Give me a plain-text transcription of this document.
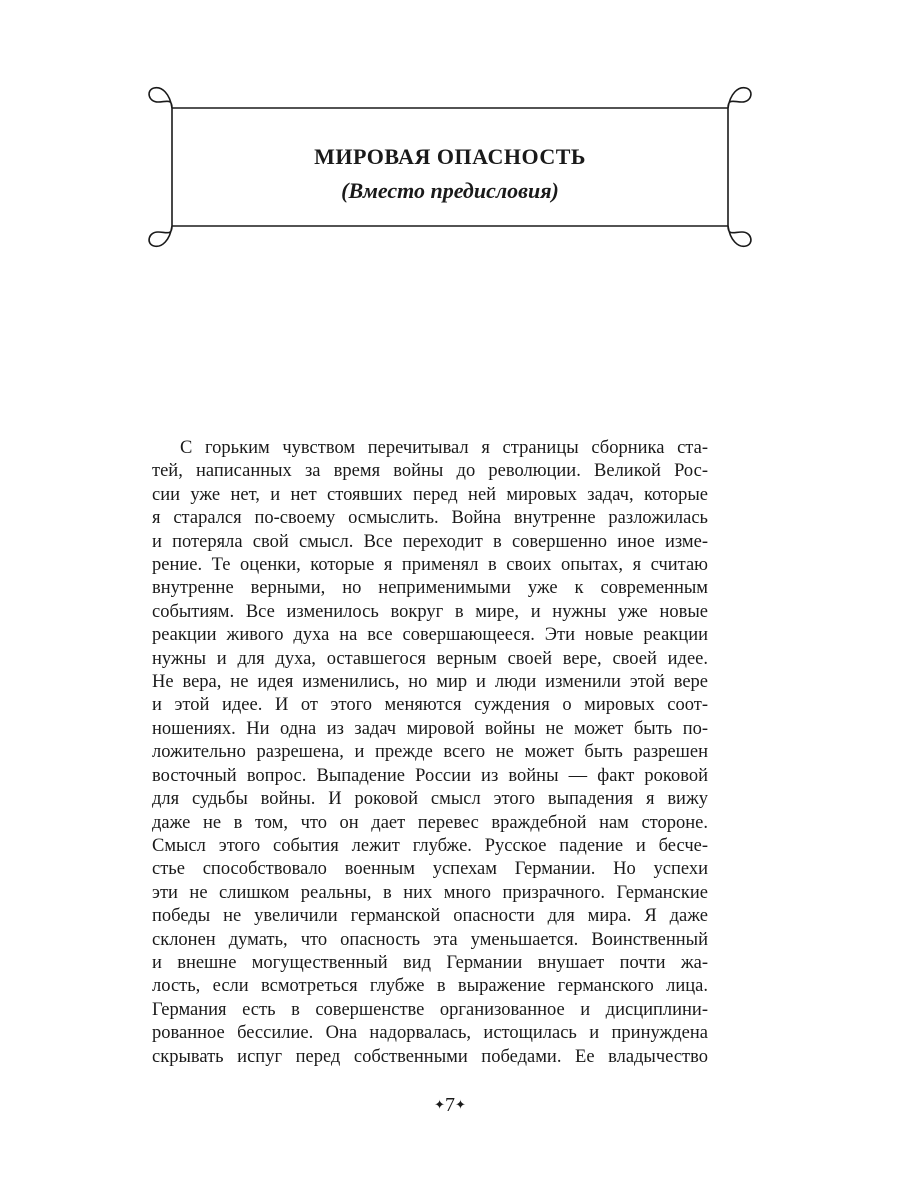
МИРОВАЯ ОПАСНОСТЬ
(Вместо предисловия)
С горьким чувством перечитывал я страницы сборника ста-
тей, написанных за время войны до революции. Великой Рос-
сии уже нет, и нет стоявших перед ней мировых задач, которые
я старался по-своему осмыслить. Война внутренне разложилась
и потеряла свой смысл. Все переходит в совершенно иное изме-
рение. Те оценки, которые я применял в своих опытах, я считаю
внутренне верными, но неприменимыми уже к современным
событиям. Все изменилось вокруг в мире, и нужны уже новые
реакции живого духа на все совершающееся. Эти новые реакции
нужны и для духа, оставшегося верным своей вере, своей идее.
Не вера, не идея изменились, но мир и люди изменили этой вере
и этой идее. И от этого меняются суждения о мировых соот-
ношениях. Ни одна из задач мировой войны не может быть по-
ложительно разрешена, и прежде всего не может быть разрешен
восточный вопрос. Выпадение России из войны — факт роковой
для судьбы войны. И роковой смысл этого выпадения я вижу
даже не в том, что он дает перевес враждебной нам стороне.
Смысл этого события лежит глубже. Русское падение и бесче-
стье способствовало военным успехам Германии. Но успехи
эти не слишком реальны, в них много призрачного. Германские
победы не увеличили германской опасности для мира. Я даже
склонен думать, что опасность эта уменьшается. Воинственный
и внешне могущественный вид Германии внушает почти жа-
лость, если всмотреться глубже в выражение германского лица.
Германия есть в совершенстве организованное и дисциплини-
рованное бессилие. Она надорвалась, истощилась и принуждена
скрывать испуг перед собственными победами. Ее владычество
✦7✦
